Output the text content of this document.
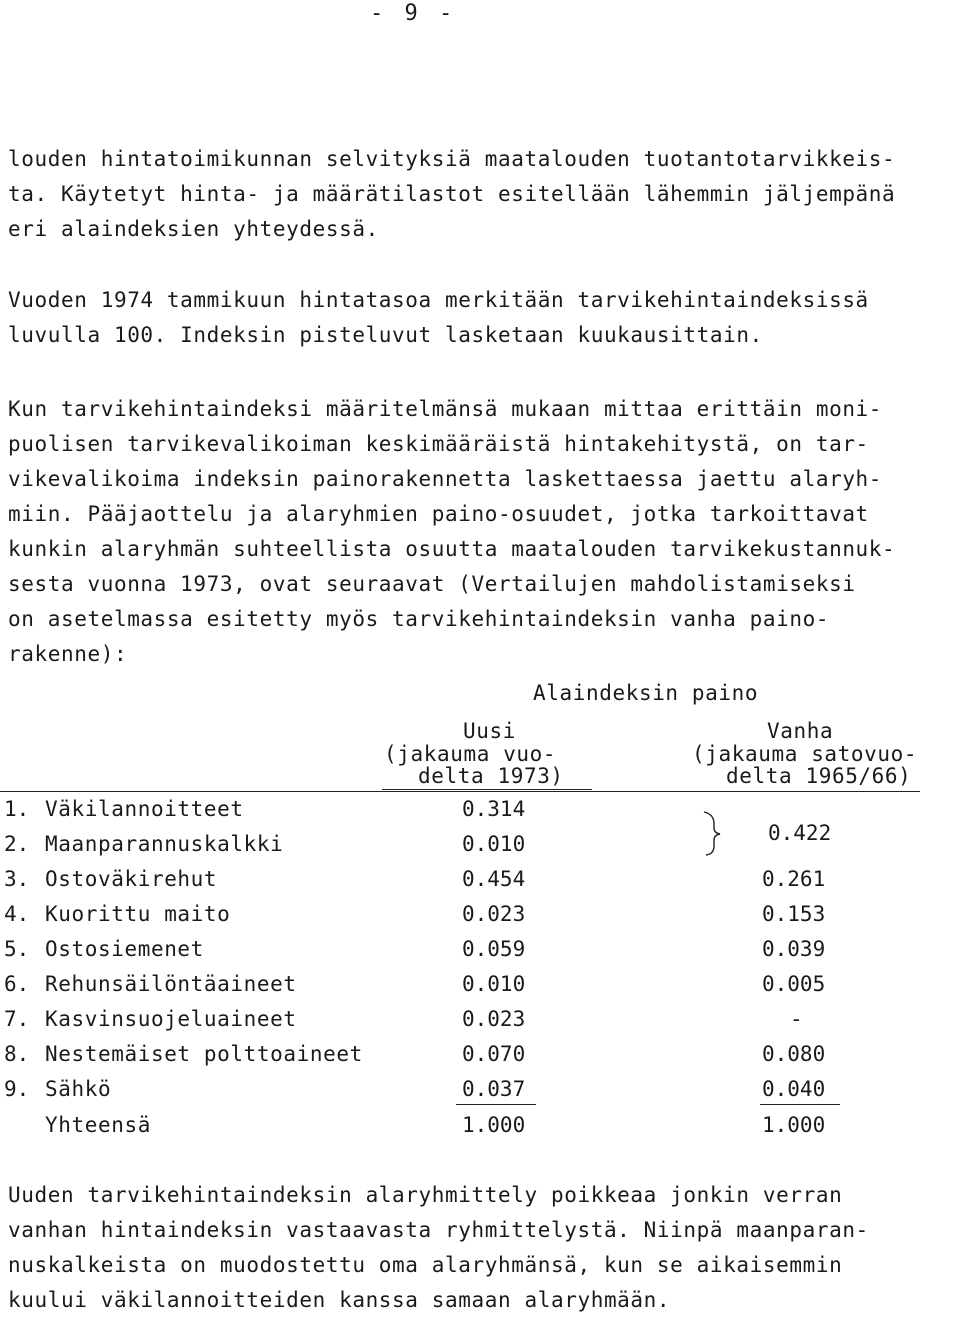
- 9 -
louden hintatoimikunnan selvityksiä maatalouden tuotantotarvikkeis-
ta. Käytetyt hinta- ja määrätilastot esitellään lähemmin jäljempänä
eri alaindeksien yhteydessä.
Vuoden 1974 tammikuun hintatasoa merkitään tarvikehintaindeksissä
luvulla 100. Indeksin pisteluvut lasketaan kuukausittain.
Kun tarvikehintaindeksi määritelmänsä mukaan mittaa erittäin moni-
puolisen tarvikevalikoiman keskimääräistä hintakehitystä, on tar-
vikevalikoima indeksin painorakennetta laskettaessa jaettu alaryh-
miin. Pääjaottelu ja alaryhmien paino-osuudet, jotka tarkoittavat
kunkin alaryhmän suhteellista osuutta maatalouden tarvikekustannuk-
sesta vuonna 1973, ovat seuraavat (Vertailujen mahdolistamiseksi
on asetelmassa esitetty myös tarvikehintaindeksin vanha paino-
rakenne):
Alaindeksin paino
Uusi
(jakauma vuo-
delta 1973)
Vanha
(jakauma satovuo-
delta 1965/66)
1. Väkilannoitteet	0.314
2. Maanparannuskalkki	0.010	0.422
3. Ostoväkirehut	0.454	0.261
4. Kuorittu maito	0.023	0.153
5. Ostosiemenet	0.059	0.039
6. Rehunsäilöntäaineet	0.010	0.005
7. Kasvinsuojeluaineet	0.023	-
8. Nestemäiset polttoaineet	0.070	0.080
9. Sähkö	0.037	0.040
Yhteensä	1.000	1.000
Uuden tarvikehintaindeksin alaryhmittely poikkeaa jonkin verran
vanhan hintaindeksin vastaavasta ryhmittelystä. Niinpä maanparan-
nuskalkeista on muodostettu oma alaryhmänsä, kun se aikaisemmin
kuului väkilannoitteiden kanssa samaan alaryhmään.
